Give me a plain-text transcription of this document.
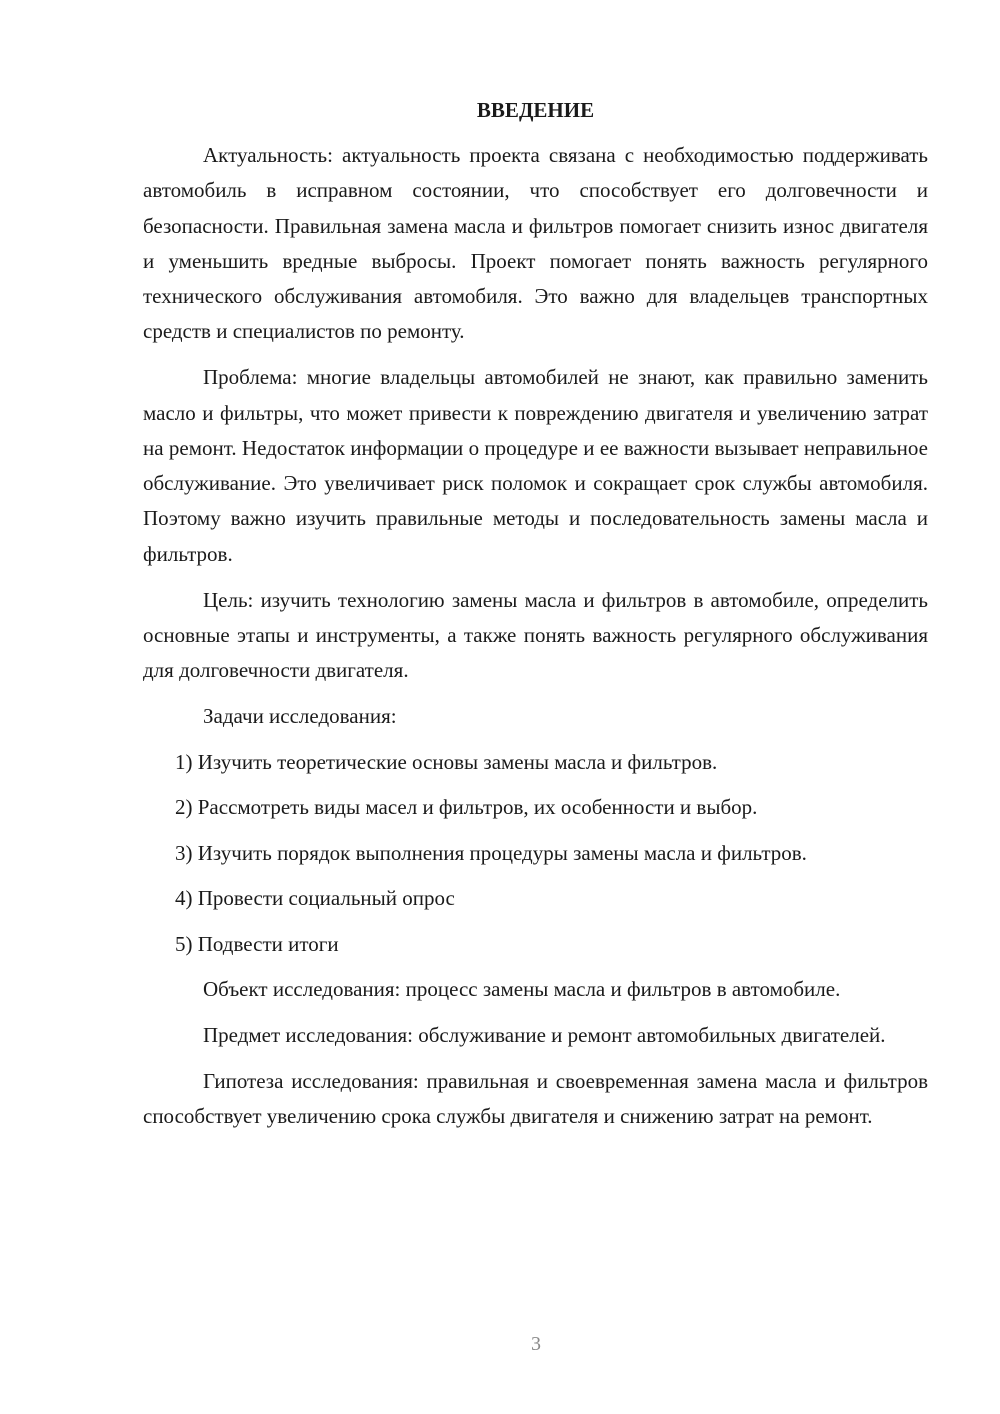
ВВЕДЕНИЕ

Актуальность: актуальность проекта связана с необходимостью поддерживать автомобиль в исправном состоянии, что способствует его долговечности и безопасности. Правильная замена масла и фильтров помогает снизить износ двигателя и уменьшить вредные выбросы. Проект помогает понять важность регулярного технического обслуживания автомобиля. Это важно для владельцев транспортных средств и специалистов по ремонту.

Проблема: многие владельцы автомобилей не знают, как правильно заменить масло и фильтры, что может привести к повреждению двигателя и увеличению затрат на ремонт. Недостаток информации о процедуре и ее важности вызывает неправильное обслуживание. Это увеличивает риск поломок и сокращает срок службы автомобиля. Поэтому важно изучить правильные методы и последовательность замены масла и фильтров.

Цель: изучить технологию замены масла и фильтров в автомобиле, определить основные этапы и инструменты, а также понять важность регулярного обслуживания для долговечности двигателя.

Задачи исследования:

1) Изучить теоретические основы замены масла и фильтров.
2) Рассмотреть виды масел и фильтров, их особенности и выбор.
3) Изучить порядок выполнения процедуры замены масла и фильтров.
4) Провести социальный опрос
5) Подвести итоги

Объект исследования: процесс замены масла и фильтров в автомобиле.

Предмет исследования: обслуживание и ремонт автомобильных двигателей.

Гипотеза исследования: правильная и своевременная замена масла и фильтров способствует увеличению срока службы двигателя и снижению затрат на ремонт.

3
